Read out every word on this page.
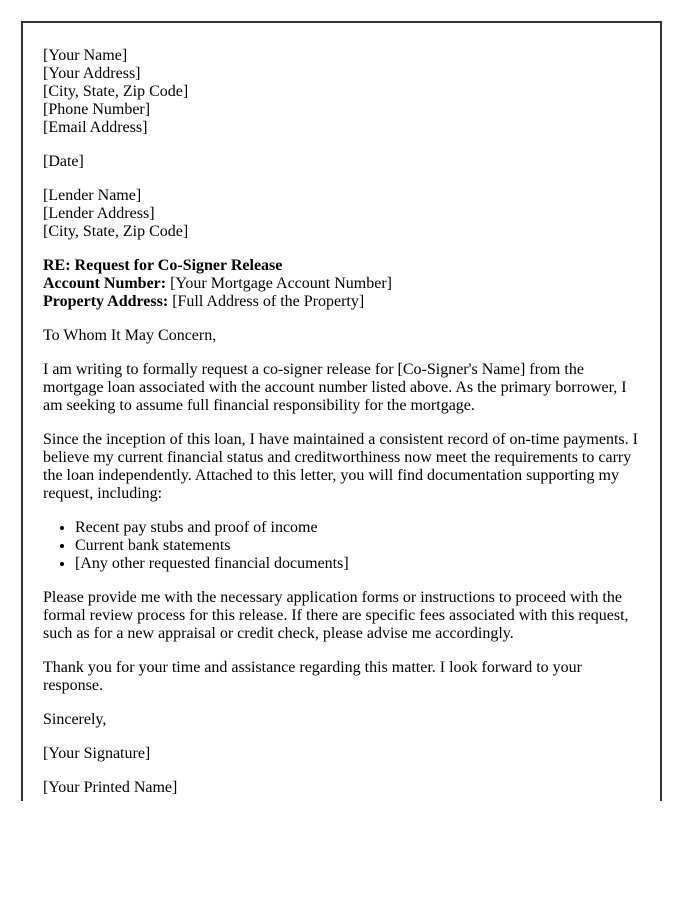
[Your Name]
[Your Address]
[City, State, Zip Code]
[Phone Number]
[Email Address]

[Date]

[Lender Name]
[Lender Address]
[City, State, Zip Code]

RE: Request for Co-Signer Release
Account Number: [Your Mortgage Account Number]
Property Address: [Full Address of the Property]

To Whom It May Concern,

I am writing to formally request a co-signer release for [Co-Signer's Name] from the mortgage loan associated with the account number listed above. As the primary borrower, I am seeking to assume full financial responsibility for the mortgage.

Since the inception of this loan, I have maintained a consistent record of on-time payments. I believe my current financial status and creditworthiness now meet the requirements to carry the loan independently. Attached to this letter, you will find documentation supporting my request, including:

• Recent pay stubs and proof of income
• Current bank statements
• [Any other requested financial documents]

Please provide me with the necessary application forms or instructions to proceed with the formal review process for this release. If there are specific fees associated with this request, such as for a new appraisal or credit check, please advise me accordingly.

Thank you for your time and assistance regarding this matter. I look forward to your response.

Sincerely,

[Your Signature]

[Your Printed Name]
